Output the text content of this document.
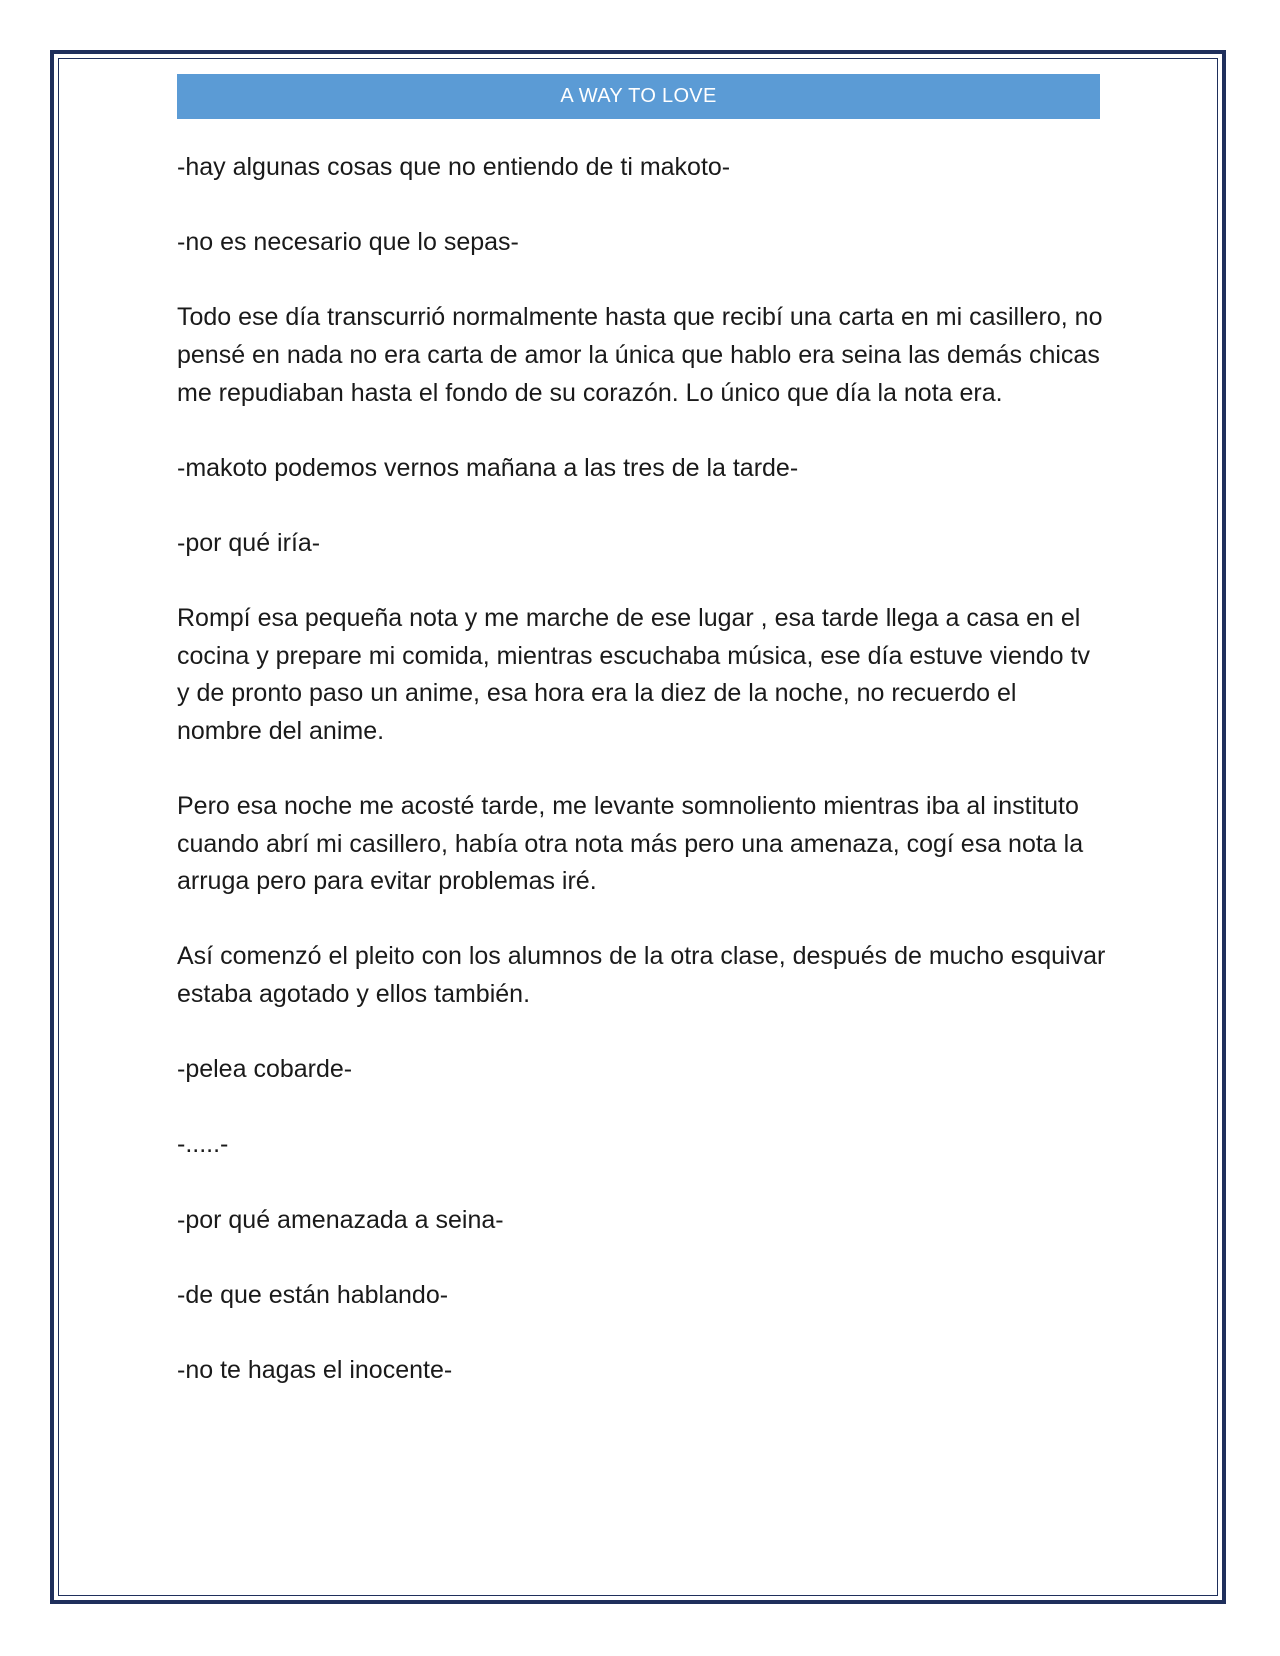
A WAY TO LOVE

-hay algunas cosas que no entiendo de ti makoto-

-no es necesario que lo sepas-

Todo ese día transcurrió normalmente hasta que recibí una carta en mi casillero, no pensé en nada no era carta de amor la única que hablo era seina las demás chicas me repudiaban hasta el fondo de su corazón. Lo único que día la nota era.

-makoto podemos vernos mañana a las tres de la tarde-

-por qué iría-

Rompí esa pequeña nota y me marche de ese lugar , esa tarde llega a casa en el cocina y prepare mi comida, mientras escuchaba música, ese día estuve viendo tv y de pronto paso un anime, esa hora era la diez de la noche, no recuerdo el nombre del anime.

Pero esa noche me acosté tarde, me levante somnoliento mientras iba al instituto cuando abrí mi casillero, había otra nota más pero una amenaza, cogí esa nota la arruga pero para evitar problemas iré.

Así comenzó el pleito con los alumnos de la otra clase, después de mucho esquivar estaba agotado y ellos también.

-pelea cobarde-

-.....-

-por qué amenazada a seina-

-de que están hablando-

-no te hagas el inocente-
